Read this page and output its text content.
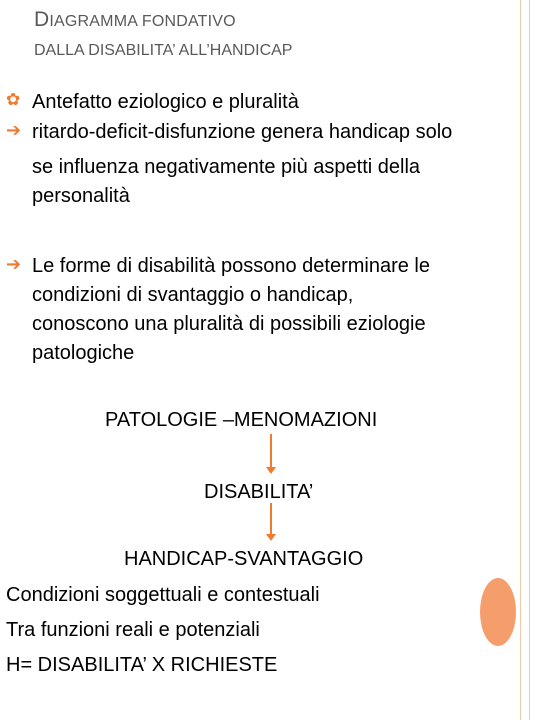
DIAGRAMMA FONDATIVO
DALLA DISABILITA’ ALL’HANDICAP
✿ Antefatto eziologico e pluralità
➔ ritardo-deficit-disfunzione genera handicap solo
se influenza negativamente più aspetti della
personalità
➔ Le forme di disabilità possono determinare le
condizioni di svantaggio o handicap,
conoscono una pluralità di possibili eziologie
patologiche
PATOLOGIE –MENOMAZIONI
DISABILITA’
HANDICAP-SVANTAGGIO
Condizioni soggettuali e contestuali
Tra funzioni reali e potenziali
H= DISABILITA’ X RICHIESTE
